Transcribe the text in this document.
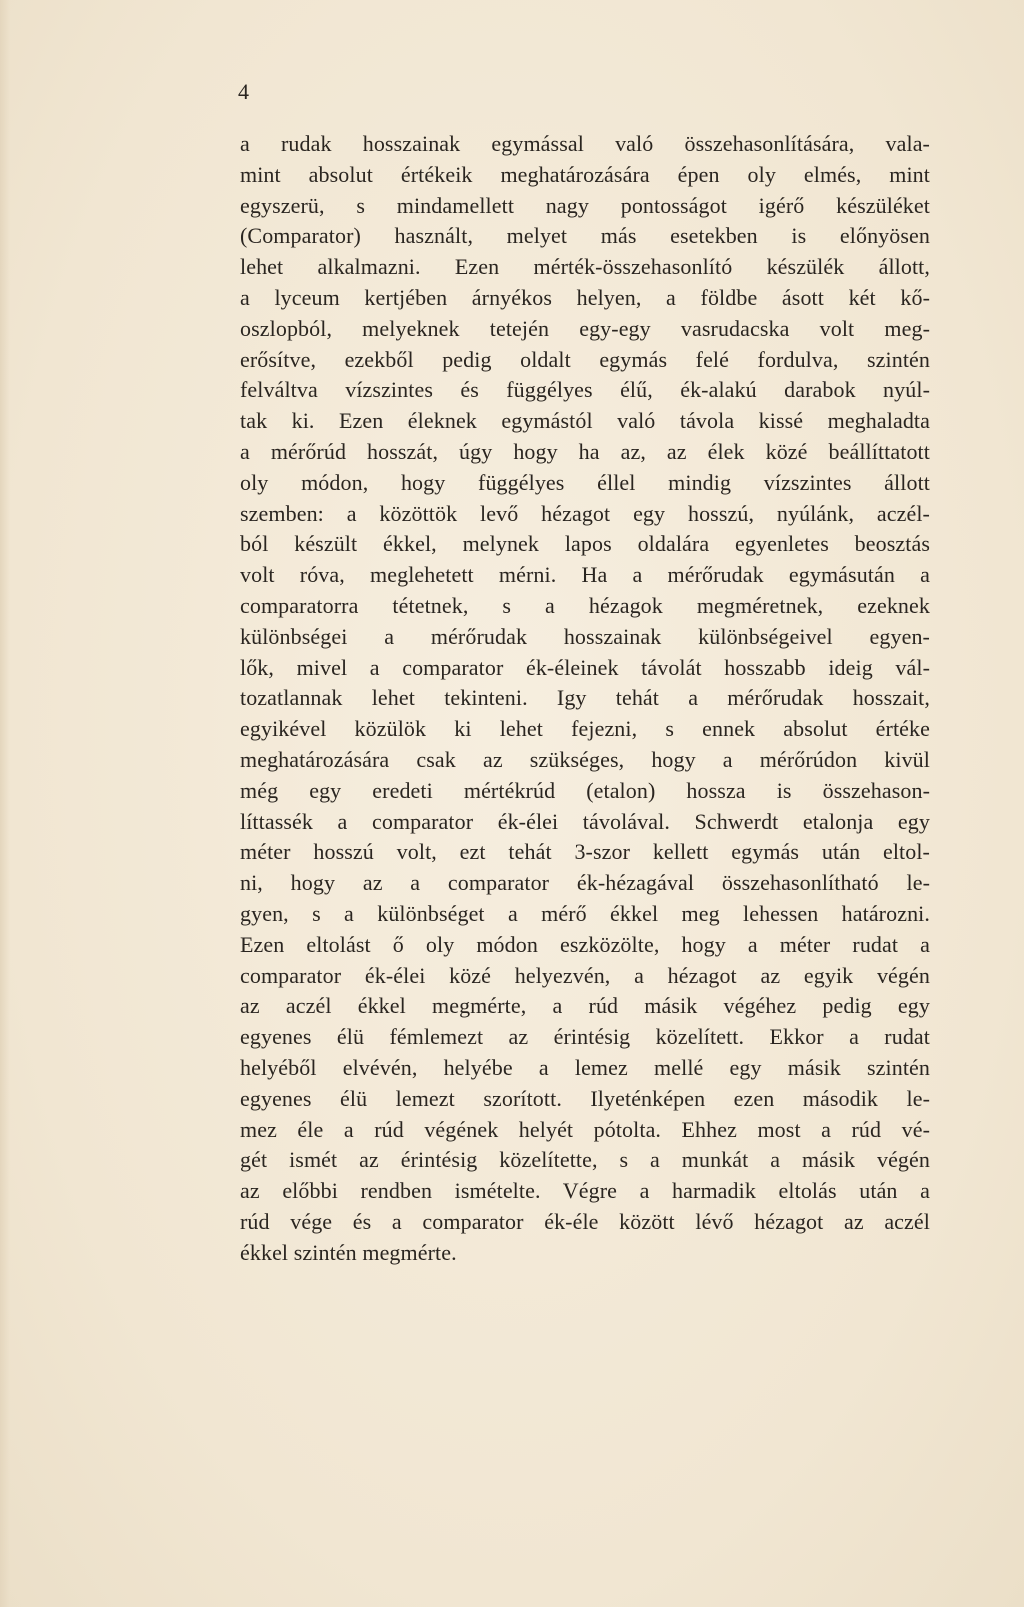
4
a rudak hosszainak egymással való összehasonlítására, vala-
mint absolut értékeik meghatározására épen oly elmés, mint
egyszerü, s mindamellett nagy pontosságot igérő készüléket
(Comparator) használt, melyet más esetekben is előnyösen
lehet alkalmazni. Ezen mérték-összehasonlító készülék állott,
a lyceum kertjében árnyékos helyen, a földbe ásott két kő-
oszlopból, melyeknek tetején egy-egy vasrudacska volt meg-
erősítve, ezekből pedig oldalt egymás felé fordulva, szintén
felváltva vízszintes és függélyes élű, ék-alakú darabok nyúl-
tak ki. Ezen éleknek egymástól való távola kissé meghaladta
a mérőrúd hosszát, úgy hogy ha az, az élek közé beállíttatott
oly módon, hogy függélyes éllel mindig vízszintes állott
szemben: a közöttök levő hézagot egy hosszú, nyúlánk, aczél-
ból készült ékkel, melynek lapos oldalára egyenletes beosztás
volt róva, meglehetett mérni. Ha a mérőrudak egymásután a
comparatorra tétetnek, s a hézagok megméretnek, ezeknek
különbségei a mérőrudak hosszainak különbségeivel egyen-
lők, mivel a comparator ék-éleinek távolát hosszabb ideig vál-
tozatlannak lehet tekinteni. Igy tehát a mérőrudak hosszait,
egyikével közülök ki lehet fejezni, s ennek absolut értéke
meghatározására csak az szükséges, hogy a mérőrúdon kivül
még egy eredeti mértékrúd (etalon) hossza is összehason-
líttassék a comparator ék-élei távolával. Schwerdt etalonja egy
méter hosszú volt, ezt tehát 3-szor kellett egymás után eltol-
ni, hogy az a comparator ék-hézagával összehasonlítható le-
gyen, s a különbséget a mérő ékkel meg lehessen határozni.
Ezen eltolást ő oly módon eszközölte, hogy a méter rudat a
comparator ék-élei közé helyezvén, a hézagot az egyik végén
az aczél ékkel megmérte, a rúd másik végéhez pedig egy
egyenes élü fémlemezt az érintésig közelített. Ekkor a rudat
helyéből elvévén, helyébe a lemez mellé egy másik szintén
egyenes élü lemezt szorított. Ilyeténképen ezen második le-
mez éle a rúd végének helyét pótolta. Ehhez most a rúd vé-
gét ismét az érintésig közelítette, s a munkát a másik végén
az előbbi rendben ismételte. Végre a harmadik eltolás után a
rúd vége és a comparator ék-éle között lévő hézagot az aczél
ékkel szintén megmérte.
